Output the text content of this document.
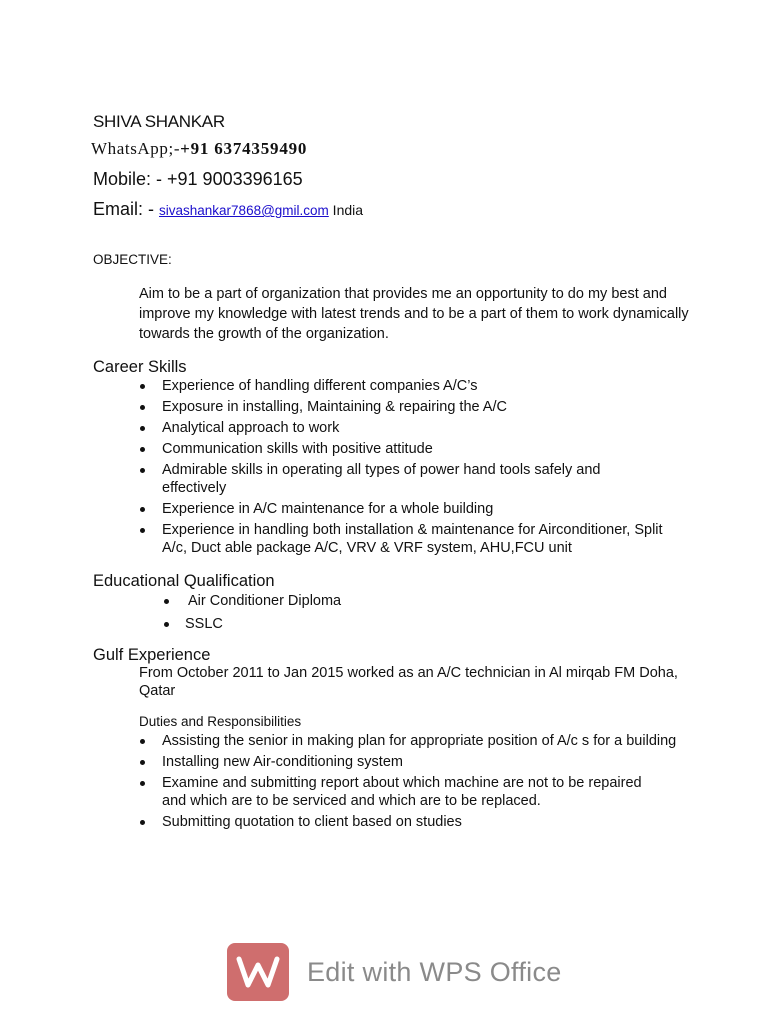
SHIVA SHANKAR
WhatsApp;-+91 6374359490
Mobile: - +91 9003396165
Email: - sivashankar7868@gmil.com India
OBJECTIVE:
Aim to be a part of organization that provides me an opportunity to do my best and improve my knowledge with latest trends and to be a part of them to work dynamically towards the growth of the organization.
Career Skills
Experience of handling different companies A/C’s
Exposure in installing, Maintaining & repairing the A/C
Analytical approach to work
Communication skills with positive attitude
Admirable skills in operating all types of power hand tools safely and effectively
Experience in A/C maintenance for a whole building
Experience in handling both installation & maintenance for Airconditioner, Split A/c, Duct able package A/C, VRV & VRF system, AHU,FCU unit
Educational Qualification
Air Conditioner Diploma
SSLC
Gulf Experience
From October 2011 to Jan 2015 worked as an A/C technician in Al mirqab FM Doha, Qatar
Duties and Responsibilities
Assisting the senior in making plan for appropriate position of A/c s for a building
Installing new Air-conditioning system
Examine and submitting report about which machine are not to be repaired and which are to be serviced and which are to be replaced.
Submitting quotation to client based on studies
Edit with WPS Office
